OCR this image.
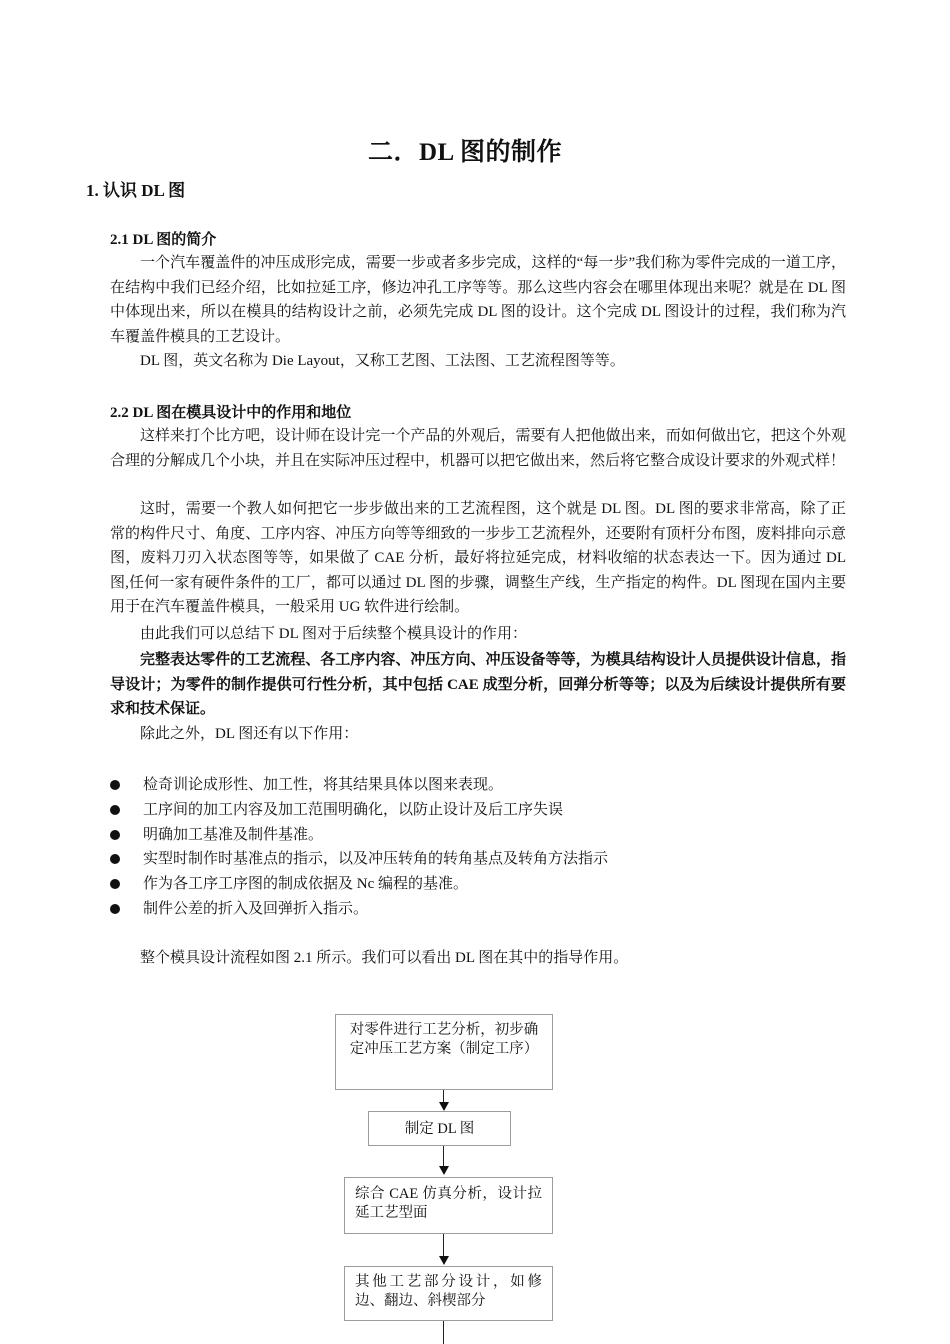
二．DL 图的制作
1. 认识 DL 图
2.1 DL 图的简介

一个汽车覆盖件的冲压成形完成，需要一步或者多步完成，这样的“每一步”我们称为零件完成的一道工序，在结构中我们已经介绍，比如拉延工序，修边冲孔工序等等。那么这些内容会在哪里体现出来呢？就是在 DL 图中体现出来，所以在模具的结构设计之前，必须先完成 DL 图的设计。这个完成 DL 图设计的过程，我们称为汽车覆盖件模具的工艺设计。

DL 图，英文名称为 Die Layout，又称工艺图、工法图、工艺流程图等等。

2.2 DL 图在模具设计中的作用和地位

这样来打个比方吧，设计师在设计完一个产品的外观后，需要有人把他做出来，而如何做出它，把这个外观合理的分解成几个小块，并且在实际冲压过程中，机器可以把它做出来，然后将它整合成设计要求的外观式样！

这时，需要一个教人如何把它一步步做出来的工艺流程图，这个就是 DL 图。DL 图的要求非常高，除了正常的构件尺寸、角度、工序内容、冲压方向等等细致的一步步工艺流程外，还要附有顶杆分布图，废料排向示意图，废料刀刃入状态图等等，如果做了 CAE 分析，最好将拉延完成，材料收缩的状态表达一下。因为通过 DL 图,任何一家有硬件条件的工厂，都可以通过 DL 图的步骤，调整生产线，生产指定的构件。DL 图现在国内主要用于在汽车覆盖件模具，一般采用 UG 软件进行绘制。

由此我们可以总结下 DL 图对于后续整个模具设计的作用：

完整表达零件的工艺流程、各工序内容、冲压方向、冲压设备等等，为模具结构设计人员提供设计信息，指导设计；为零件的制作提供可行性分析，其中包括 CAE 成型分析，回弹分析等等；以及为后续设计提供所有要求和技术保证。

除此之外，DL 图还有以下作用：

检奇训论成形性、加工性，将其结果具体以图来表现。
工序间的加工内容及加工范围明确化，以防止设计及后工序失误
明确加工基准及制件基准。
实型时制作时基准点的指示，以及冲压转角的转角基点及转角方法指示
作为各工序工序图的制成依据及 Nc 编程的基准。
制件公差的折入及回弹折入指示。

整个模具设计流程如图 2.1 所示。我们可以看出 DL 图在其中的指导作用。

对零件进行工艺分析，初步确定冲压工艺方案（制定工序）
制定 DL 图
综合 CAE 仿真分析，设计拉延工艺型面
其他工艺部分设计，如修边、翻边、斜楔部分
